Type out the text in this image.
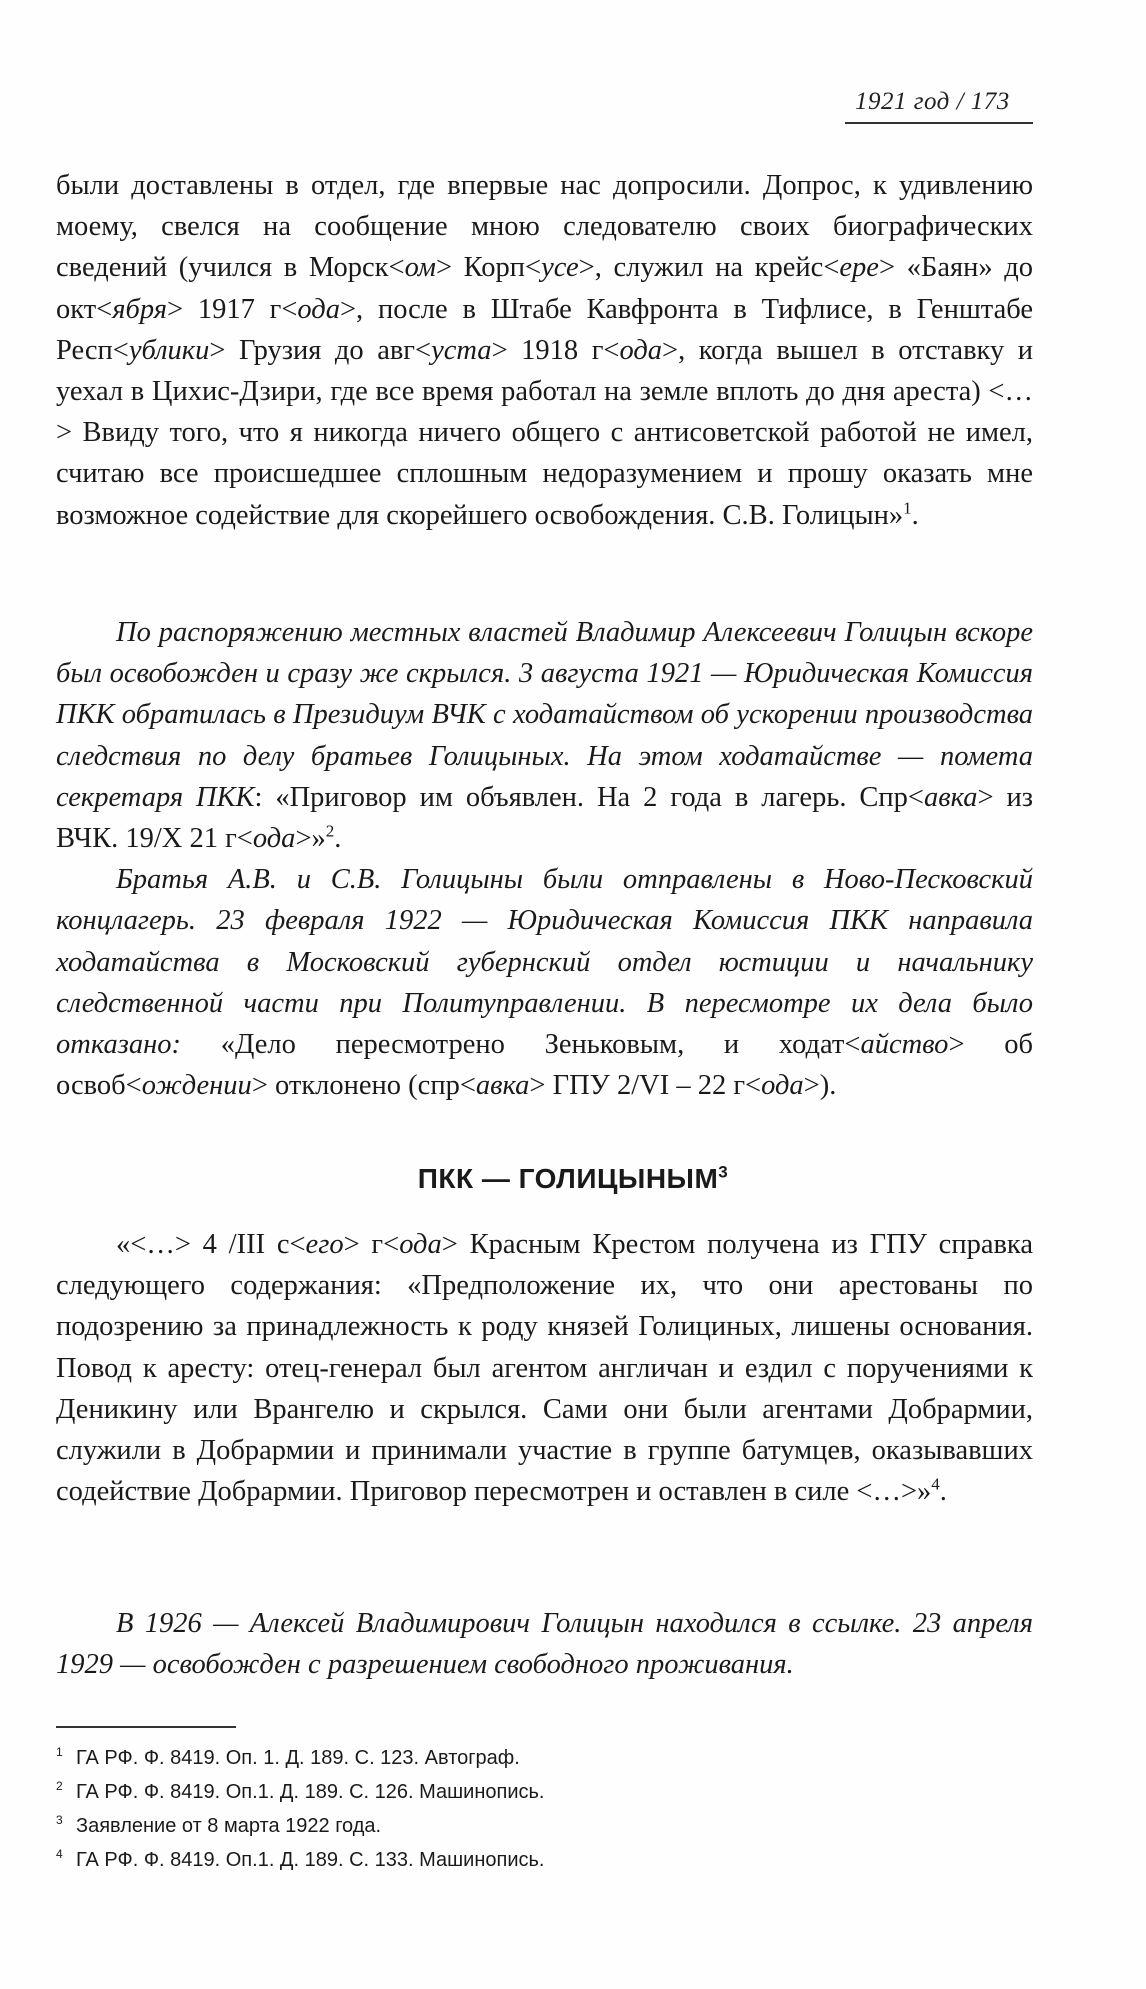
1921 год / 173

были доставлены в отдел, где впервые нас допросили. Допрос, к удивлению моему, свелся на сообщение мною следователю своих биографических сведений (учился в Морск<ом> Корп<усе>, служил на крейс<ере> «Баян» до окт<ября> 1917 г<ода>, после в Штабе Кавфронта в Тифлисе, в Генштабе Респ<ублики> Грузия до авг<уста> 1918 г<ода>, когда вышел в отставку и уехал в Цихис-Дзири, где все время работал на земле вплоть до дня ареста) <…> Ввиду того, что я никогда ничего общего с антисоветской работой не имел, считаю все происшедшее сплошным недоразумением и прошу оказать мне возможное содействие для скорейшего освобождения. С.В. Голицын»$^1$.

По распоряжению местных властей Владимир Алексеевич Голицын вскоре был освобожден и сразу же скрылся. 3 августа 1921 — Юридическая Комиссия ПКК обратилась в Президиум ВЧК с ходатайством об ускорении производства следствия по делу братьев Голицыных. На этом ходатайстве — помета секретаря ПКК: «Приговор им объявлен. На 2 года в лагерь. Спр<авка> из ВЧК. 19/Х 21 г<ода>»$^2$.

Братья А.В. и С.В. Голицыны были отправлены в Ново-Песковский концлагерь. 23 февраля 1922 — Юридическая Комиссия ПКК направила ходатайства в Московский губернский отдел юстиции и начальнику следственной части при Политуправлении. В пересмотре их дела было отказано: «Дело пересмотрено Зеньковым, и ходат<айство> об освоб<ождении> отклонено (спр<авка> ГПУ 2/VI – 22 г<ода>).

ПКК — ГОЛИЦЫНЫМ$^3$

«<…> 4 /III с<его> г<ода> Красным Крестом получена из ГПУ справка следующего содержания: «Предположение их, что они арестованы по подозрению за принадлежность к роду князей Голициных, лишены основания. Повод к аресту: отец-генерал был агентом англичан и ездил с поручениями к Деникину или Врангелю и скрылся. Сами они были агентами Добрармии, служили в Добрармии и принимали участие в группе батумцев, оказывавших содействие Добрармии. Приговор пересмотрен и оставлен в силе <…>»$^4$.

В 1926 — Алексей Владимирович Голицын находился в ссылке. 23 апреля 1929 — освобожден с разрешением свободного проживания.

1 ГА РФ. Ф. 8419. Оп. 1. Д. 189. С. 123. Автограф.
2 ГА РФ. Ф. 8419. Оп.1. Д. 189. С. 126. Машинопись.
3 Заявление от 8 марта 1922 года.
4 ГА РФ. Ф. 8419. Оп.1. Д. 189. С. 133. Машинопись.
